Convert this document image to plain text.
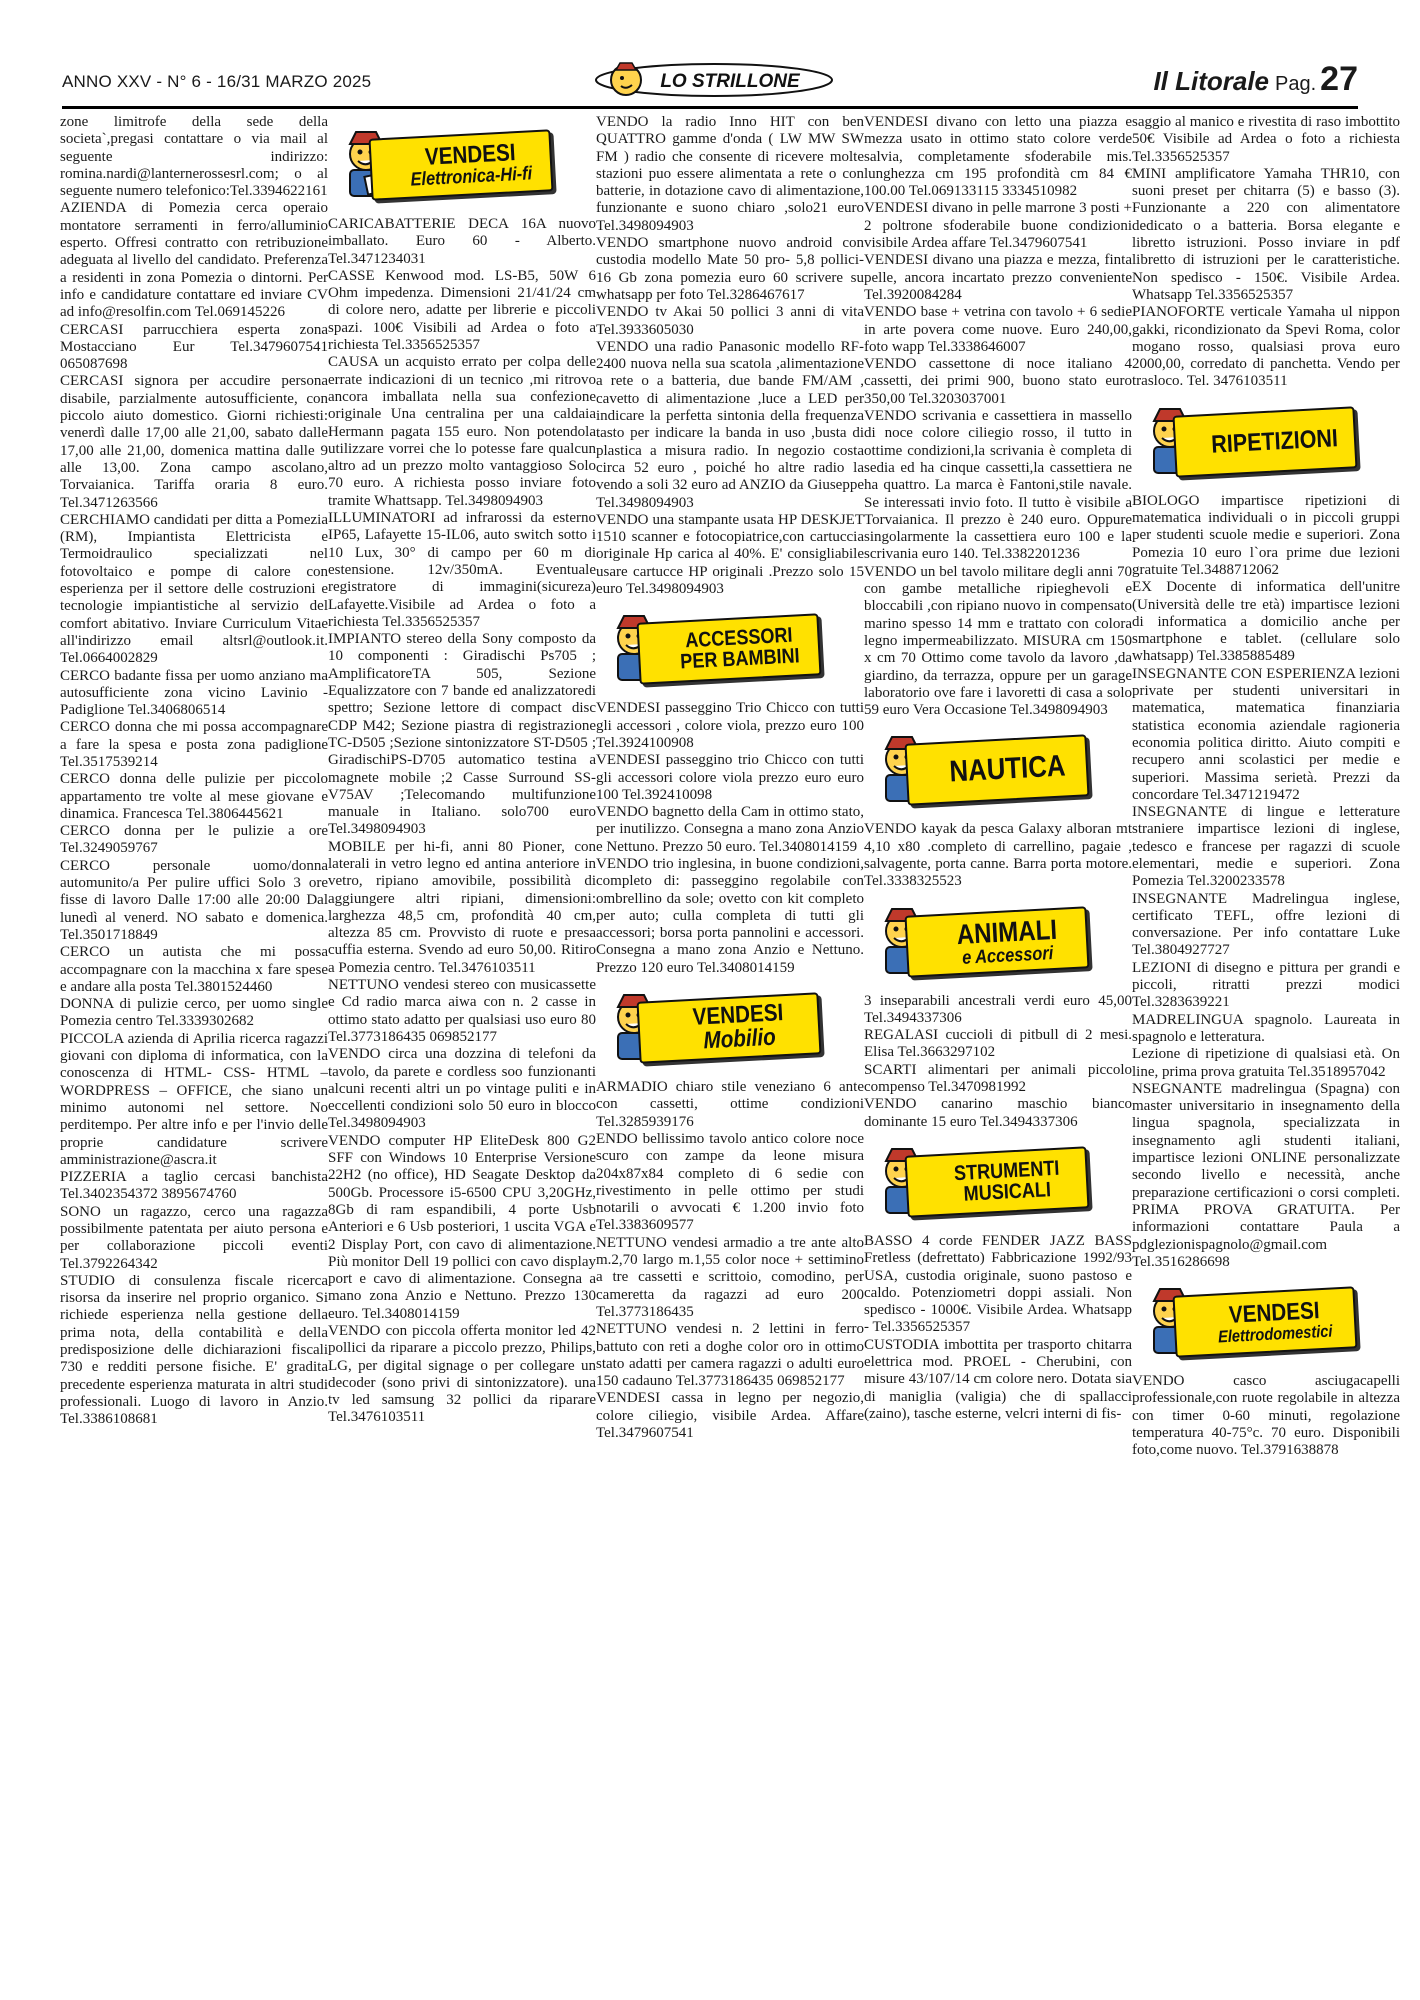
ANNO XXV - N° 6 - 16/31 MARZO 2025	LO STRILLONE	Il Litorale Pag. 27

zone limitrofe della sede della societa`,pregasi contattare o via mail al seguente indirizzo: romina.nardi@lanternerossesrl.com; o al seguente numero telefonico:Tel.3394622161

AZIENDA di Pomezia cerca operaio montatore serramenti in ferro/alluminio esperto. Offresi contratto con retribuzione adeguata al livello del candidato. Preferenza a residenti in zona Pomezia o dintorni. Per info e candidature contattare ed inviare CV ad info@resolfin.com Tel.069145226

CERCASI parrucchiera esperta zona Mostacciano Eur Tel.3479607541 065087698

CERCASI signora per accudire persona disabile, parzialmente autosufficiente, con piccolo aiuto domestico. Giorni richiesti: venerdì dalle 17,00 alle 21,00, sabato dalle 17,00 alle 21,00, domenica mattina dalle 9 alle 13,00. Zona campo ascolano, Torvaianica. Tariffa oraria 8 euro. Tel.3471263566

CERCHIAMO candidati per ditta a Pomezia (RM), Impiantista Elettricista e Termoidraulico specializzati nel fotovoltaico e pompe di calore con esperienza per il settore delle costruzioni e tecnologie impiantistiche al servizio del comfort abitativo. Inviare Curriculum Vitae all'indirizzo email altsrl@outlook.it. Tel.0664002829

CERCO badante fissa per uomo anziano ma autosufficiente zona vicino Lavinio - Padiglione Tel.3406806514

CERCO donna che mi possa accompagnare a fare la spesa e posta zona padiglione Tel.3517539214

CERCO donna delle pulizie per piccolo appartamento tre volte al mese giovane e dinamica. Francesca Tel.3806445621

CERCO donna per le pulizie a ore Tel.3249059767

CERCO personale uomo/donna automunito/a Per pulire uffici Solo 3 ore fisse di lavoro Dalle 17:00 alle 20:00 Dal lunedì al venerd. NO sabato e domenica. Tel.3501718849

CERCO un autista che mi possa accompagnare con la macchina x fare spese e andare alla posta Tel.3801524460

DONNA di pulizie cerco, per uomo single Pomezia centro Tel.3339302682

PICCOLA azienda di Aprilia ricerca ragazzi giovani con diploma di informatica, con la conoscenza di HTML- CSS- HTML – WORDPRESS – OFFICE, che siano un minimo autonomi nel settore. No perditempo. Per altre info e per l'invio delle proprie candidature scrivere amministrazione@ascra.it

PIZZERIA a taglio cercasi banchista Tel.3402354372 3895674760

SONO un ragazzo, cerco una ragazza possibilmente patentata per aiuto persona e per collaborazione piccoli eventi Tel.3792264342

STUDIO di consulenza fiscale ricerca risorsa da inserire nel proprio organico. Si richiede esperienza nella gestione della prima nota, della contabilità e della predisposizione delle dichiarazioni fiscali 730 e redditi persone fisiche. E' gradita precedente esperienza maturata in altri studi professionali. Luogo di lavoro in Anzio. Tel.3386108681

VENDESI
Elettronica-Hi-fi

CARICABATTERIE DECA 16A nuovo imballato. Euro 60 - Alberto. Tel.3471234031

CASSE Kenwood mod. LS-B5, 50W 6 Ohm impedenza. Dimensioni 21/41/24 cm di colore nero, adatte per librerie e piccoli spazi. 100€ Visibili ad Ardea o foto a richiesta Tel.3356525357

CAUSA un acquisto errato per colpa delle errate indicazioni di un tecnico ,mi ritrovo ancora imballata nella sua confezione originale Una centralina per una caldaia Hermann pagata 155 euro. Non potendola utilizzare vorrei che lo potesse fare qualcun altro ad un prezzo molto vantaggioso Solo 70 euro. A richiesta posso inviare foto tramite Whattsapp. Tel.3498094903

ILLUMINATORI ad infrarossi da esterno IP65, Lafayette 15-IL06, auto switch sotto i 10 Lux, 30° di campo per 60 m di estensione. 12v/350mA. Eventuale registratore di immagini(sicureza) Lafayette.Visibile ad Ardea o foto a richiesta Tel.3356525357

IMPIANTO stereo della Sony composto da 10 componenti : Giradischi Ps705 ; AmplificatoreTA 505, Sezione Equalizzatore con 7 bande ed analizzatoredi spettro; Sezione lettore di compact disc CDP M42; Sezione piastra di registrazione TC-D505 ;Sezione sintonizzatore ST-D505 ; GiradischiPS-D705 automatico testina a magnete mobile ;2 Casse Surround SS-V75AV ;Telecomando multifunzione manuale in Italiano. solo700 euro Tel.3498094903

MOBILE per hi-fi, anni 80 Pioner, con laterali in vetro legno ed antina anteriore in vetro, ripiano amovibile, possibilità di aggiungere altri ripiani, dimensioni: larghezza 48,5 cm, profondità 40 cm, altezza 85 cm. Provvisto di ruote e presa cuffia esterna. Svendo ad euro 50,00. Ritiro a Pomezia centro. Tel.3476103511

NETTUNO vendesi stereo con musicassette e Cd radio marca aiwa con n. 2 casse in ottimo stato adatto per qualsiasi uso euro 80 Tel.3773186435 069852177

VENDO circa una dozzina di telefoni da tavolo, da parete e cordless soo funzionanti alcuni recenti altri un po vintage puliti e in eccellenti condizioni solo 50 euro in blocco Tel.3498094903

VENDO computer HP EliteDesk 800 G2 SFF con Windows 10 Enterprise Versione 22H2 (no office), HD Seagate Desktop da 500Gb. Processore i5-6500 CPU 3,20GHz, 8Gb di ram espandibili, 4 porte Usb Anteriori e 6 Usb posteriori, 1 uscita VGA e 2 Display Port, con cavo di alimentazione. Più monitor Dell 19 pollici con cavo display port e cavo di alimentazione. Consegna a mano zona Anzio e Nettuno. Prezzo 130 euro. Tel.3408014159

VENDO con piccola offerta monitor led 42 pollici da riparare a piccolo prezzo, Philips, LG, per digital signage o per collegare un decoder (sono privi di sintonizzatore). una tv led samsung 32 pollici da riparare Tel.3476103511

VENDO la radio Inno HIT con ben QUATTRO gamme d'onda ( LW MW SW FM ) radio che consente di ricevere molte stazioni puo essere alimentata a rete o con batterie, in dotazione cavo di alimentazione, funzionante e suono chiaro ,solo21 euro Tel.3498094903

VENDO smartphone nuovo android con custodia modello Mate 50 pro- 5,8 pollici- 16 Gb zona pomezia euro 60 scrivere su whatsapp per foto Tel.3286467617

VENDO tv Akai 50 pollici 3 anni di vita Tel.3933605030

VENDO una radio Panasonic modello RF-2400 nuova nella sua scatola ,alimentazione a rete o a batteria, due bande FM/AM , cavetto di alimentazione ,luce a LED per indicare la perfetta sintonia della frequenza tasto per indicare la banda in uso ,busta di plastica a misura radio. In negozio costa circa 52 euro , poiché ho altre radio la vendo a soli 32 euro ad ANZIO da Giuseppe Tel.3498094903

VENDO una stampante usata HP DESKJET 1510 scanner e fotocopiatrice,con cartuccia originale Hp carica al 40%. E' consigliabile usare cartucce HP originali .Prezzo solo 15 euro Tel.3498094903

ACCESSORI
PER BAMBINI

VENDESI passeggino Trio Chicco con tutti gli accessori , colore viola, prezzo euro 100 Tel.3924100908

VENDESI passeggino trio Chicco con tutti gli accessori colore viola prezzo euro euro 100 Tel.392410098

VENDO bagnetto della Cam in ottimo stato, per inutilizzo. Consegna a mano zona Anzio e Nettuno. Prezzo 50 euro. Tel.3408014159

VENDO trio inglesina, in buone condizioni, completo di: passeggino regolabile con ombrellino da sole; ovetto con kit completo per auto; culla completa di tutti gli accessori; borsa porta pannolini e accessori. Consegna a mano zona Anzio e Nettuno. Prezzo 120 euro Tel.3408014159

VENDESI
Mobilio

ARMADIO chiaro stile veneziano 6 ante con cassetti, ottime condizioni Tel.3285939176

ENDO bellissimo tavolo antico colore noce scuro con zampe da leone misura 204x87x84 completo di 6 sedie con rivestimento in pelle ottimo per studi notarili o avvocati € 1.200 invio foto Tel.3383609577

NETTUNO vendesi armadio a tre ante alto m.2,70 largo m.1,55 color noce + settimino a tre cassetti e scrittoio, comodino, per cameretta da ragazzi ad euro 200 Tel.3773186435

NETTUNO vendesi n. 2 lettini in ferro battuto con reti a doghe color oro in ottimo stato adatti per camera ragazzi o adulti euro 150 cadauno Tel.3773186435 069852177

VENDESI cassa in legno per negozio, colore ciliegio, visibile Ardea. Affare Tel.3479607541

VENDESI divano con letto una piazza e mezza usato in ottimo stato colore verde salvia, completamente sfoderabile mis. lunghezza cm 195 profondità cm 84 € 100.00 Tel.069133115 3334510982

VENDESI divano in pelle marrone 3 posti + 2 poltrone sfoderabile buone condizioni visibile Ardea affare Tel.3479607541

VENDESI divano una piazza e mezza, finta pelle, ancora incartato prezzo conveniente Tel.3920084284

VENDO base + vetrina con tavolo + 6 sedie in arte povera come nuove. Euro 240,00, foto wapp Tel.3338646007

VENDO cassettone di noce italiano 4 cassetti, dei primi 900, buono stato euro 350,00 Tel.3203037001

VENDO scrivania e cassettiera in massello di noce colore ciliegio rosso, il tutto in ottime condizioni,la scrivania è completa di sedia ed ha cinque cassetti,la cassettiera ne ha quattro. La marca è Fantoni,stile navale. Se interessati invio foto. Il tutto è visibile a Torvaianica. Il prezzo è 240 euro. Oppure singolarmente la cassettiera euro 100 e la scrivania euro 140. Tel.3382201236

VENDO un bel tavolo militare degli anni 70 con gambe metalliche ripieghevoli e bloccabili ,con ripiano nuovo in compensato marino spesso 14 mm e trattato con colora legno impermeabilizzato. MISURA cm 150 x cm 70 Ottimo come tavolo da lavoro ,da giardino, da terrazza, oppure per un garage laboratorio ove fare i lavoretti di casa a solo 59 euro Vera Occasione Tel.3498094903

NAUTICA

VENDO kayak da pesca Galaxy alboran mt 4,10 x80 .completo di carrellino, pagaie , salvagente, porta canne. Barra porta motore. Tel.3338325523

ANIMALI
e Accessori

3 inseparabili ancestrali verdi euro 45,00 Tel.3494337306

REGALASI cuccioli di pitbull di 2 mesi. Elisa Tel.3663297102

SCARTI alimentari per animali piccolo compenso Tel.3470981992

VENDO canarino maschio bianco dominante 15 euro Tel.3494337306

STRUMENTI
MUSICALI

BASSO 4 corde FENDER JAZZ BASS Fretless (defrettato) Fabbricazione 1992/93 USA, custodia originale, suono pastoso e caldo. Potenziometri doppi assiali. Non spedisco - 1000€. Visibile Ardea. Whatsapp - Tel.3356525357

CUSTODIA imbottita per trasporto chitarra elettrica mod. PROEL - Cherubini, con misure 43/107/14 cm colore nero. Dotata sia di maniglia (valigia) che di spallacci (zaino), tasche esterne, velcri interni di fis-

saggio al manico e rivestita di raso imbottito 50€ Visibile ad Ardea o foto a richiesta Tel.3356525357

MINI amplificatore Yamaha THR10, con suoni preset per chitarra (5) e basso (3). Funzionante a 220 con alimentatore dedicato o a batteria. Borsa elegante e libretto istruzioni. Posso inviare in pdf libretto di istruzioni per le caratteristiche. Non spedisco - 150€. Visibile Ardea. Whatsapp Tel.3356525357

PIANOFORTE verticale Yamaha ul nippon gakki, ricondizionato da Spevi Roma, color mogano rosso, qualsiasi prova euro 2000,00, corredato di panchetta. Vendo per trasloco. Tel. 3476103511

RIPETIZIONI

BIOLOGO impartisce ripetizioni di matematica individuali o in piccoli gruppi per studenti scuole medie e superiori. Zona Pomezia 10 euro l`ora prime due lezioni gratuite Tel.3488712062

EX Docente di informatica dell'unitre (Università delle tre età) impartisce lezioni di informatica a domicilio anche per smartphone e tablet. (cellulare solo whatsapp) Tel.3385885489

INSEGNANTE CON ESPERIENZA lezioni private per studenti universitari in matematica, matematica finanziaria statistica economia aziendale ragioneria economia politica diritto. Aiuto compiti e recupero anni scolastici per medie e superiori. Massima serietà. Prezzi da concordare Tel.3471219472

INSEGNANTE di lingue e letterature straniere impartisce lezioni di inglese, tedesco e francese per ragazzi di scuole elementari, medie e superiori. Zona Pomezia Tel.3200233578

INSEGNANTE Madrelingua inglese, certificato TEFL, offre lezioni di conversazione. Per info contattare Luke Tel.3804927727

LEZIONI di disegno e pittura per grandi e piccoli, ritratti prezzi modici Tel.3283639221

MADRELINGUA spagnolo. Laureata in spagnolo e letteratura.

Lezione di ripetizione di qualsiasi età. On line, prima prova gratuita Tel.3518957042

NSEGNANTE madrelingua (Spagna) con master universitario in insegnamento della lingua spagnola, specializzata in insegnamento agli studenti italiani, impartisce lezioni ONLINE personalizzate secondo livello e necessità, anche preparazione certificazioni o corsi completi. PRIMA PROVA GRATUITA. Per informazioni contattare Paula a pdglezionispagnolo@gmail.com Tel.3516286698

VENDESI
Elettrodomestici

VENDO casco asciugacapelli professionale,con ruote regolabile in altezza con timer 0-60 minuti, regolazione temperatura 40-75°c. 70 euro. Disponibili foto,come nuovo. Tel.3791638878
